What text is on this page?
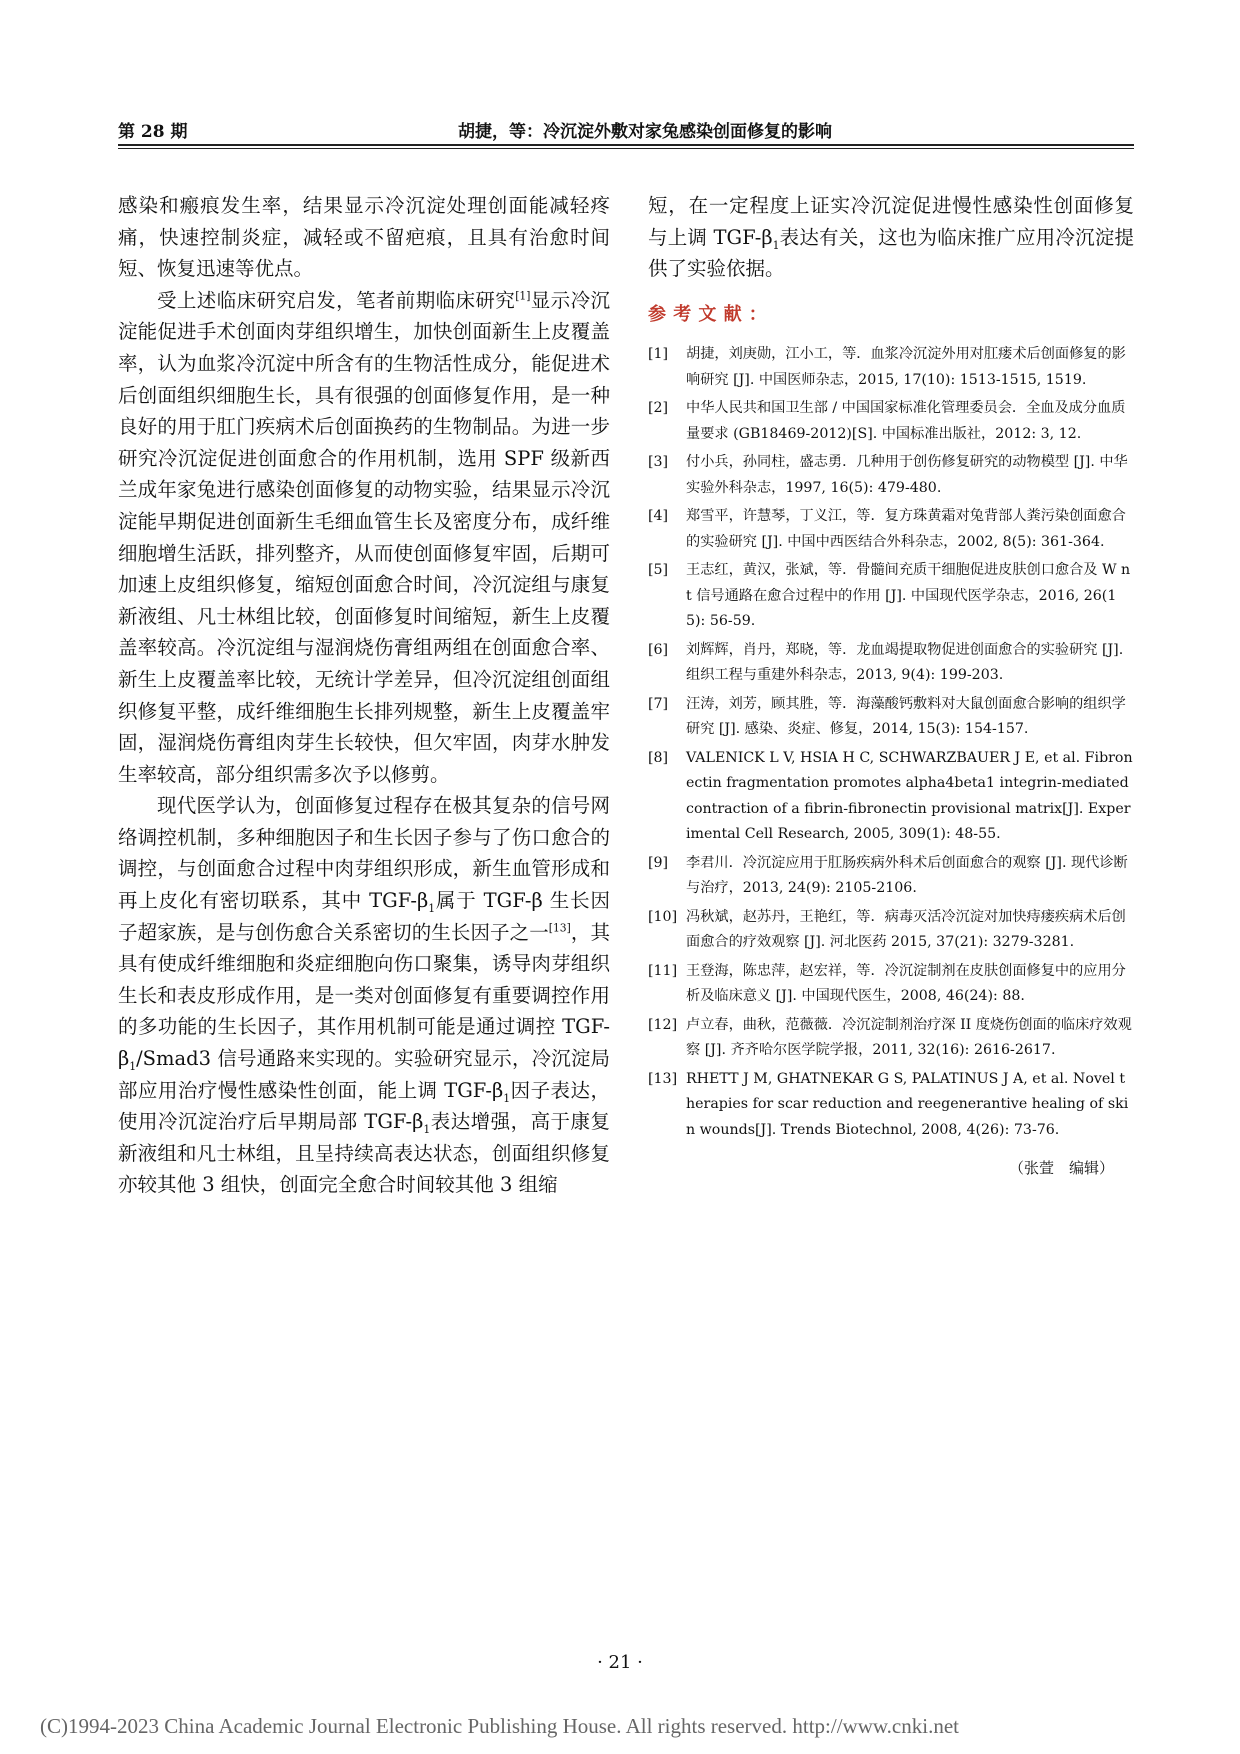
第 28 期	胡捷，等：冷沉淀外敷对家兔感染创面修复的影响

感染和瘢痕发生率，结果显示冷沉淀处理创面能减轻疼痛，快速控制炎症，减轻或不留疤痕，且具有治愈时间短、恢复迅速等优点。

受上述临床研究启发，笔者前期临床研究[1]显示冷沉淀能促进手术创面肉芽组织增生，加快创面新生上皮覆盖率，认为血浆冷沉淀中所含有的生物活性成分，能促进术后创面组织细胞生长，具有很强的创面修复作用，是一种良好的用于肛门疾病术后创面换药的生物制品。为进一步研究冷沉淀促进创面愈合的作用机制，选用 SPF 级新西兰成年家兔进行感染创面修复的动物实验，结果显示冷沉淀能早期促进创面新生毛细血管生长及密度分布，成纤维细胞增生活跃，排列整齐，从而使创面修复牢固，后期可加速上皮组织修复，缩短创面愈合时间，冷沉淀组与康复新液组、凡士林组比较，创面修复时间缩短，新生上皮覆盖率较高。冷沉淀组与湿润烧伤膏组两组在创面愈合率、新生上皮覆盖率比较，无统计学差异，但冷沉淀组创面组织修复平整，成纤维细胞生长排列规整，新生上皮覆盖牢固，湿润烧伤膏组肉芽生长较快，但欠牢固，肉芽水肿发生率较高，部分组织需多次予以修剪。

现代医学认为，创面修复过程存在极其复杂的信号网络调控机制，多种细胞因子和生长因子参与了伤口愈合的调控，与创面愈合过程中肉芽组织形成，新生血管形成和再上皮化有密切联系，其中 TGF-$\beta_1$属于 TGF-β 生长因子超家族，是与创伤愈合关系密切的生长因子之一[13]，其具有使成纤维细胞和炎症细胞向伤口聚集，诱导肉芽组织生长和表皮形成作用，是一类对创面修复有重要调控作用的多功能的生长因子，其作用机制可能是通过调控 TGF-$\beta_1/Smad3$ 信号通路来实现的。实验研究显示，冷沉淀局部应用治疗慢性感染性创面，能上调 TGF-$\beta_1$因子表达，使用冷沉淀治疗后早期局部 TGF-$\beta_1$表达增强，高于康复新液组和凡士林组，且呈持续高表达状态，创面组织修复亦较其他 3 组快，创面完全愈合时间较其他 3 组缩

短，在一定程度上证实冷沉淀促进慢性感染性创面修复与上调 TGF-$\beta_1$表达有关，这也为临床推广应用冷沉淀提供了实验依据。

参考文献：
[1] 胡捷，刘庚勋，江小工，等．血浆冷沉淀外用对肛瘘术后创面修复的影响研究 [J]. 中国医师杂志，2015, 17(10): 1513-1515, 1519.
[2] 中华人民共和国卫生部 / 中国国家标准化管理委员会．全血及成分血质量要求 (GB18469-2012)[S]. 中国标准出版社，2012: 3, 12.
[3] 付小兵，孙同柱，盛志勇．几种用于创伤修复研究的动物模型 [J]. 中华实验外科杂志，1997, 16(5): 479-480.
[4] 郑雪平，许慧琴，丁义江，等．复方珠黄霜对兔背部人粪污染创面愈合的实验研究 [J]. 中国中西医结合外科杂志，2002, 8(5): 361-364.
[5] 王志红，黄汉，张斌，等．骨髓间充质干细胞促进皮肤创口愈合及 W nt 信号通路在愈合过程中的作用 [J]. 中国现代医学杂志，2016, 26(15): 56-59.
[6] 刘辉辉，肖丹，郑晓，等．龙血竭提取物促进创面愈合的实验研究 [J]. 组织工程与重建外科杂志，2013, 9(4): 199-203.
[7] 汪涛，刘芳，顾其胜，等．海藻酸钙敷料对大鼠创面愈合影响的组织学研究 [J]. 感染、炎症、修复，2014, 15(3): 154-157.
[8] VALENICK L V, HSIA H C, SCHWARZBAUER J E, et al. Fibronectin fragmentation promotes alpha4beta1 integrin-mediated contraction of a fibrin-fibronectin provisional matrix[J]. Experimental Cell Research, 2005, 309(1): 48-55.
[9] 李君川．冷沉淀应用于肛肠疾病外科术后创面愈合的观察 [J]. 现代诊断与治疗，2013, 24(9): 2105-2106.
[10] 冯秋斌，赵苏丹，王艳红，等．病毒灭活冷沉淀对加快痔瘘疾病术后创面愈合的疗效观察 [J]. 河北医药 2015, 37(21): 3279-3281.
[11] 王登海，陈忠萍，赵宏祥，等．冷沉淀制剂在皮肤创面修复中的应用分析及临床意义 [J]. 中国现代医生，2008, 46(24): 88.
[12] 卢立春，曲秋，范薇薇．冷沉淀制剂治疗深 II 度烧伤创面的临床疗效观察 [J]. 齐齐哈尔医学院学报，2011, 32(16): 2616-2617.
[13] RHETT J M, GHATNEKAR G S, PALATINUS J A, et al. Novel therapies for scar reduction and reegenerantive healing of skin wounds[J]. Trends Biotechnol, 2008, 4(26): 73-76.
（张萱　编辑）
· 21 ·
(C)1994-2023 China Academic Journal Electronic Publishing House. All rights reserved. http://www.cnki.net
